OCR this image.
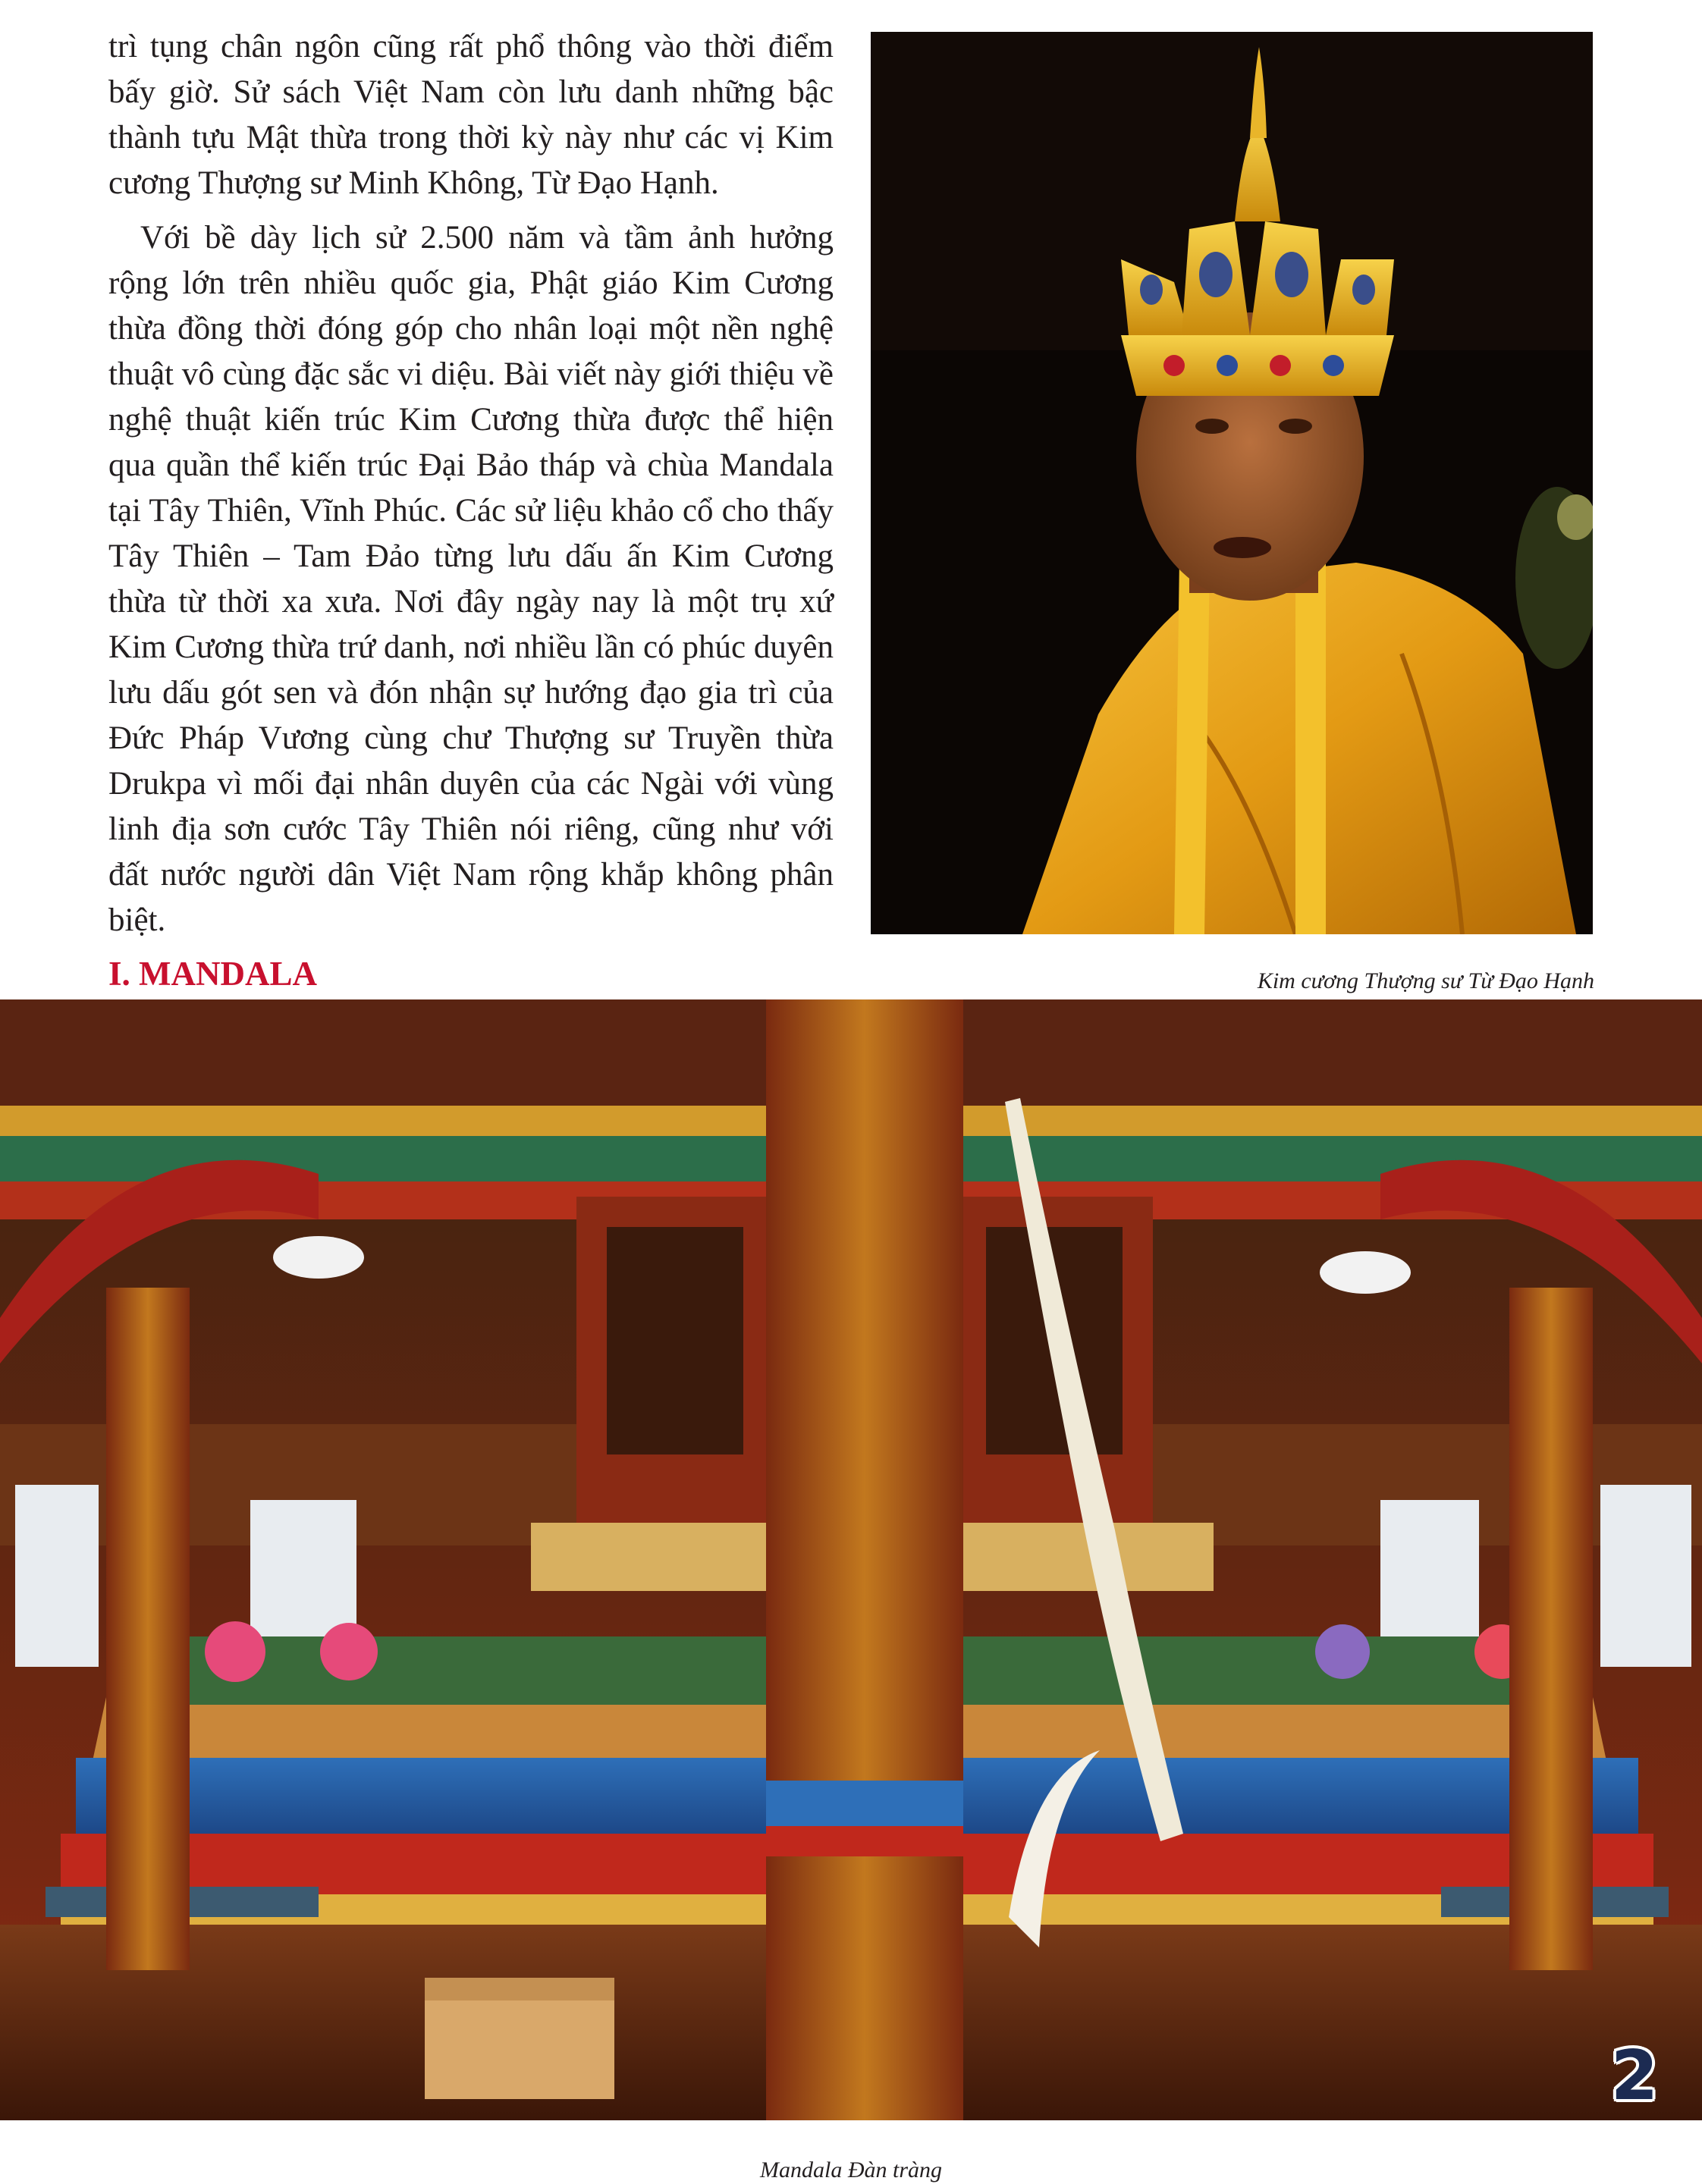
trì tụng chân ngôn cũng rất phổ thông vào thời điểm bấy giờ. Sử sách Việt Nam còn lưu danh những bậc thành tựu Mật thừa trong thời kỳ này như các vị Kim cương Thượng sư Minh Không, Từ Đạo Hạnh.

Với bề dày lịch sử 2.500 năm và tầm ảnh hưởng rộng lớn trên nhiều quốc gia, Phật giáo Kim Cương thừa đồng thời đóng góp cho nhân loại một nền nghệ thuật vô cùng đặc sắc vi diệu. Bài viết này giới thiệu về nghệ thuật kiến trúc Kim Cương thừa được thể hiện qua quần thể kiến trúc Đại Bảo tháp và chùa Mandala tại Tây Thiên, Vĩnh Phúc. Các sử liệu khảo cổ cho thấy Tây Thiên – Tam Đảo từng lưu dấu ấn Kim Cương thừa từ thời xa xưa. Nơi đây ngày nay là một trụ xứ Kim Cương thừa trứ danh, nơi nhiều lần có phúc duyên lưu dấu gót sen và đón nhận sự hướng đạo gia trì của Đức Pháp Vương cùng chư Thượng sư Truyền thừa Drukpa vì mối đại nhân duyên của các Ngài với vùng linh địa sơn cước Tây Thiên nói riêng, cũng như với đất nước người dân Việt Nam rộng khắp không phân biệt.

I. MANDALA	Kim cương Thượng sư Từ Đạo Hạnh

Mandala Đàn tràng

2
